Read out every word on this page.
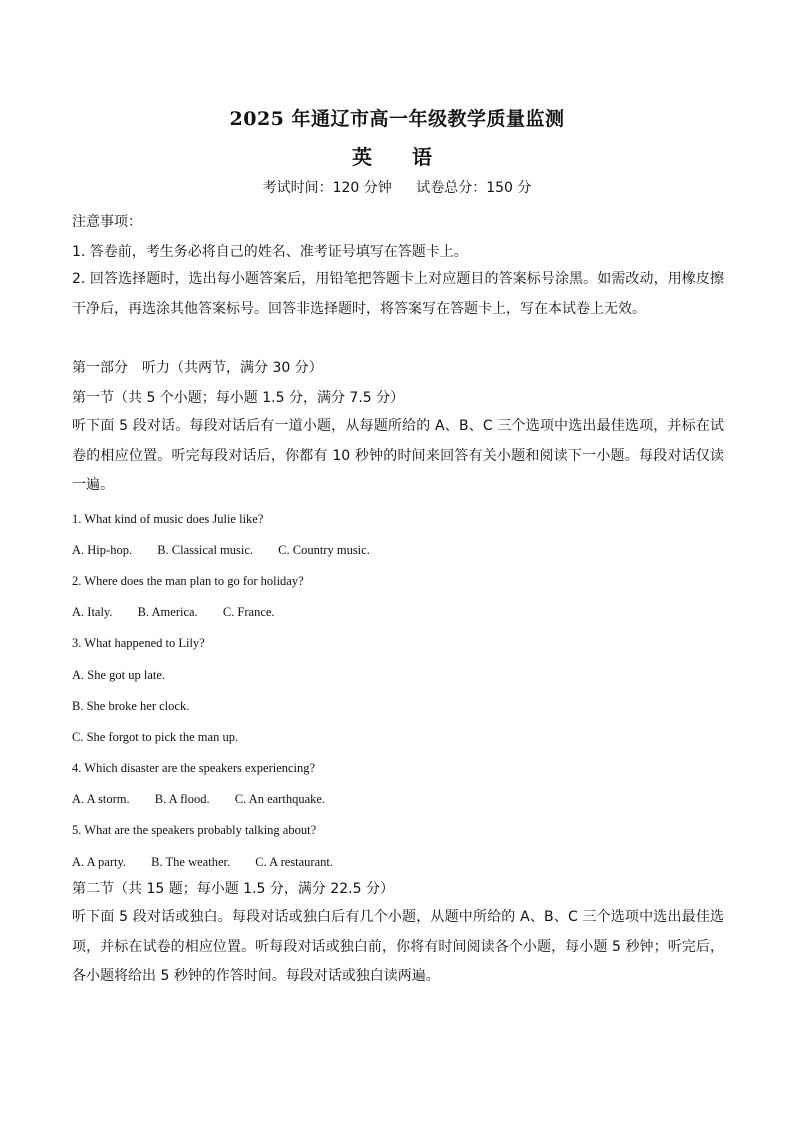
2025 年通辽市高一年级教学质量监测
英　语
考试时间：120 分钟 试卷总分：150 分
注意事项：
1. 答卷前，考生务必将自己的姓名、准考证号填写在答题卡上。
2. 回答选择题时，选出每小题答案后，用铅笔把答题卡上对应题目的答案标号涂黑。如需改动，用橡皮擦干净后，再选涂其他答案标号。回答非选择题时，将答案写在答题卡上，写在本试卷上无效。
第一部分　听力（共两节，满分 30 分）
第一节（共 5 个小题；每小题 1.5 分，满分 7.5 分）
听下面 5 段对话。每段对话后有一道小题，从每题所给的 A、B、C 三个选项中选出最佳选项，并标在试卷的相应位置。听完每段对话后，你都有 10 秒钟的时间来回答有关小题和阅读下一小题。每段对话仅读一遍。
1. What kind of music does Julie like?
A. Hip-hop. B. Classical music. C. Country music.
2. Where does the man plan to go for holiday?
A. Italy. B. America. C. France.
3. What happened to Lily?
A. She got up late.
B. She broke her clock.
C. She forgot to pick the man up.
4. Which disaster are the speakers experiencing?
A. A storm. B. A flood. C. An earthquake.
5. What are the speakers probably talking about?
A. A party. B. The weather. C. A restaurant.
第二节（共 15 题；每小题 1.5 分，满分 22.5 分）
听下面 5 段对话或独白。每段对话或独白后有几个小题，从题中所给的 A、B、C 三个选项中选出最佳选项，并标在试卷的相应位置。听每段对话或独白前，你将有时间阅读各个小题，每小题 5 秒钟；听完后，各小题将给出 5 秒钟的作答时间。每段对话或独白读两遍。
